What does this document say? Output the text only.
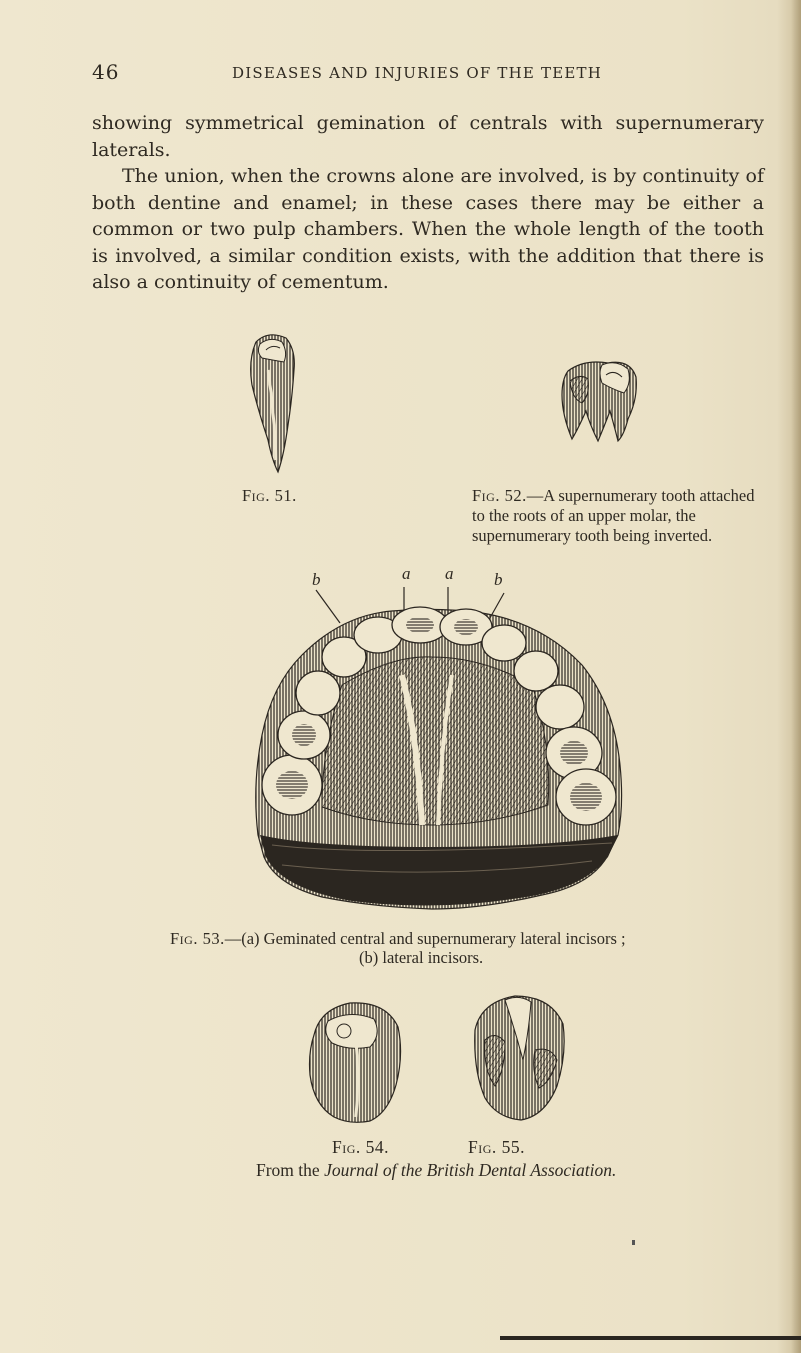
46	DISEASES AND INJURIES OF THE TEETH

showing symmetrical gemination of centrals with supernumerary laterals.

The union, when the crowns alone are involved, is by continuity of both dentine and enamel; in these cases there may be either a common or two pulp chambers. When the whole length of the tooth is involved, a similar condition exists, with the addition that there is also a continuity of cementum.

Fig. 51.	Fig. 52.—A supernumerary tooth attached to the roots of an upper molar, the supernumerary tooth being inverted.
b	a a b
Fig. 53.—(a) Geminated central and supernumerary lateral incisors ;
(b) lateral incisors.
Fig. 54.	Fig. 55.
From the Journal of the British Dental Association.
